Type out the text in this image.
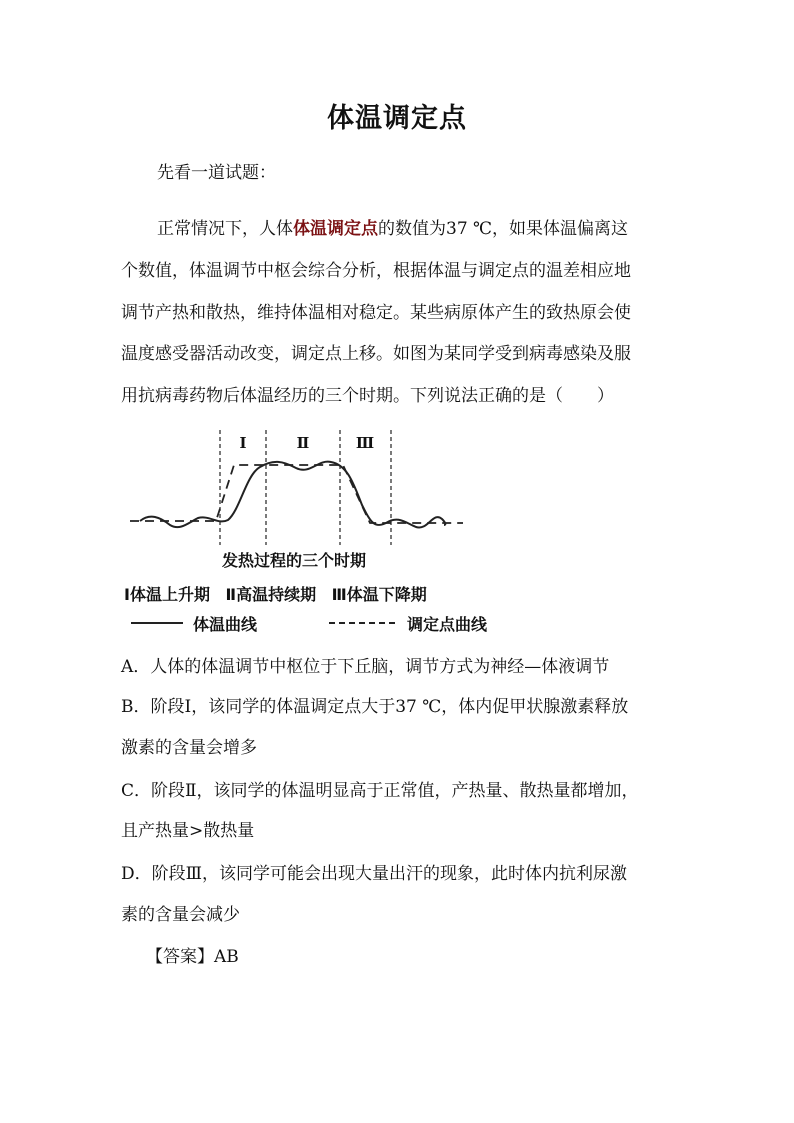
体温调定点
先看一道试题：
正常情况下，人体体温调定点的数值为37 ℃，如果体温偏离这
个数值，体温调节中枢会综合分析，根据体温与调定点的温差相应地
调节产热和散热，维持体温相对稳定。某些病原体产生的致热原会使
温度感受器活动改变，调定点上移。如图为某同学受到病毒感染及服
用抗病毒药物后体温经历的三个时期。下列说法正确的是（　　）
Ⅰ	Ⅱ	Ⅲ
发热过程的三个时期
Ⅰ体温上升期 Ⅱ高温持续期 Ⅲ体温下降期
体温曲线	调定点曲线
A．人体的体温调节中枢位于下丘脑，调节方式为神经—体液调节
B．阶段Ⅰ，该同学的体温调定点大于37 ℃，体内促甲状腺激素释放
激素的含量会增多
C．阶段Ⅱ，该同学的体温明显高于正常值，产热量、散热量都增加，
且产热量>散热量
D．阶段Ⅲ，该同学可能会出现大量出汗的现象，此时体内抗利尿激
素的含量会减少
【答案】AB
